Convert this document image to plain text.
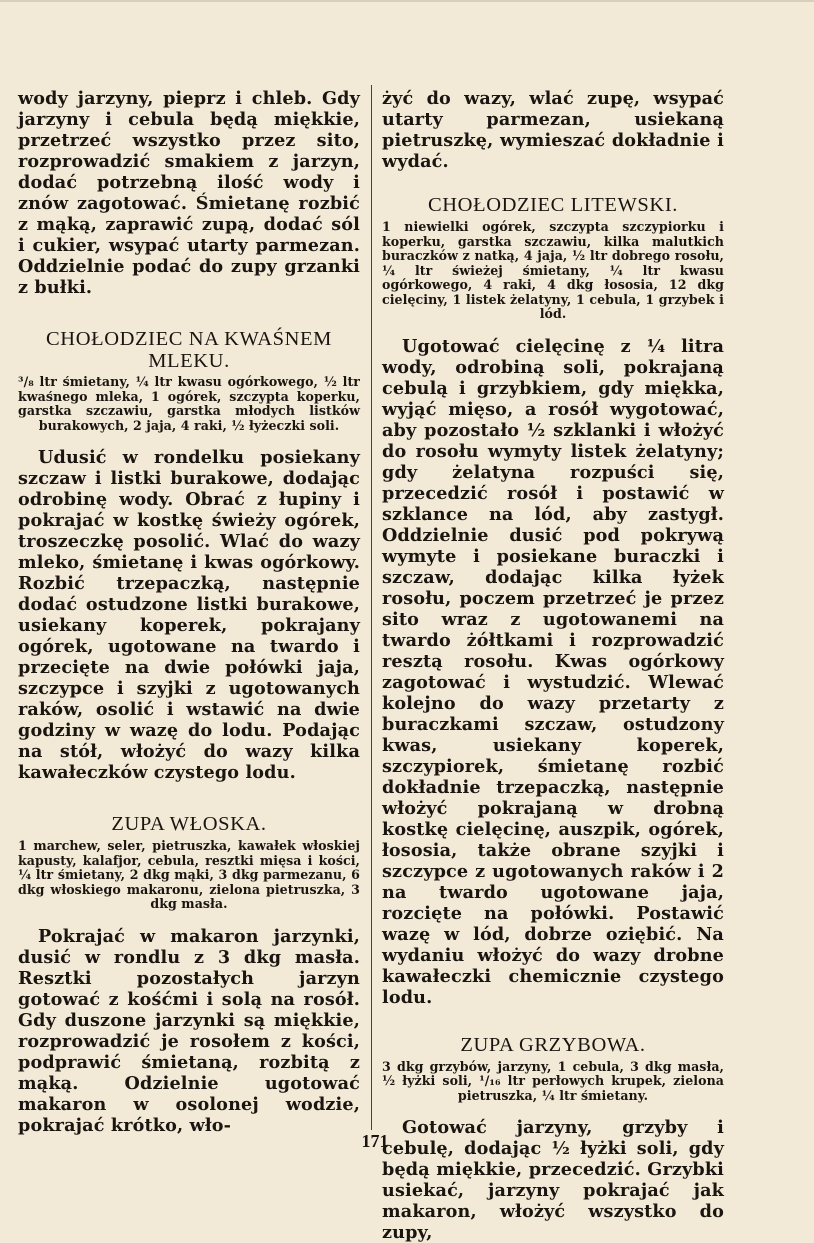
wody jarzyny, pieprz i chleb. Gdy jarzyny i cebula będą miękkie, przetrzeć wszystko przez sito, rozprowadzić smakiem z jarzyn, dodać potrzebną ilość wody i znów zagotować. Śmietanę rozbić z mąką, zaprawić zupą, dodać sól i cukier, wsypać utarty parmezan. Oddzielnie podać do zupy grzanki z bułki.

CHOŁODZIEC NA KWAŚNEM MLEKU.

³/₈ ltr śmietany, ¼ ltr kwasu ogórkowego, ½ ltr kwaśnego mleka, 1 ogórek, szczypta koperku, garstka szczawiu, garstka młodych listków burakowych, 2 jaja, 4 raki, ½ łyżeczki soli.

Udusić w rondelku posiekany szczaw i listki burakowe, dodając odrobinę wody. Obrać z łupiny i pokrajać w kostkę świeży ogórek, troszeczkę posolić. Wlać do wazy mleko, śmietanę i kwas ogórkowy. Rozbić trzepaczką, następnie dodać ostudzone listki burakowe, usiekany koperek, pokrajany ogórek, ugotowane na twardo i przecięte na dwie połówki jaja, szczypce i szyjki z ugotowanych raków, osolić i wstawić na dwie godziny w wazę do lodu. Podając na stół, włożyć do wazy kilka kawałeczków czystego lodu.

ZUPA WŁOSKA.

1 marchew, seler, pietruszka, kawałek włoskiej kapusty, kalafjor, cebula, resztki mięsa i kości, ¼ ltr śmietany, 2 dkg mąki, 3 dkg parmezanu, 6 dkg włoskiego makaronu, zielona pietruszka, 3 dkg masła.

Pokrajać w makaron jarzynki, dusić w rondlu z 3 dkg masła. Resztki pozostałych jarzyn gotować z kośćmi i solą na rosół. Gdy duszone jarzynki są miękkie, rozprowadzić je rosołem z kości, podprawić śmietaną, rozbitą z mąką. Odzielnie ugotować makaron w osolonej wodzie, pokrajać krótko, wło-

żyć do wazy, wlać zupę, wsypać utarty parmezan, usiekaną pietruszkę, wymieszać dokładnie i wydać.

CHOŁODZIEC LITEWSKI.

1 niewielki ogórek, szczypta szczypiorku i koperku, garstka szczawiu, kilka malutkich buraczków z natką, 4 jaja, ½ ltr dobrego rosołu, ¼ ltr świeżej śmietany, ¼ ltr kwasu ogórkowego, 4 raki, 4 dkg łososia, 12 dkg cielęciny, 1 listek żelatyny, 1 cebula, 1 grzybek i lód.

Ugotować cielęcinę z ¼ litra wody, odrobiną soli, pokrajaną cebulą i grzybkiem, gdy miękka, wyjąć mięso, a rosół wygotować, aby pozostało ½ szklanki i włożyć do rosołu wymyty listek żelatyny; gdy żelatyna rozpuści się, przecedzić rosół i postawić w szklance na lód, aby zastygł. Oddzielnie dusić pod pokrywą wymyte i posiekane buraczki i szczaw, dodając kilka łyżek rosołu, poczem przetrzeć je przez sito wraz z ugotowanemi na twardo żółtkami i rozprowadzić resztą rosołu. Kwas ogórkowy zagotować i wystudzić. Wlewać kolejno do wazy przetarty z buraczkami szczaw, ostudzony kwas, usiekany koperek, szczypiorek, śmietanę rozbić dokładnie trzepaczką, następnie włożyć pokrajaną w drobną kostkę cielęcinę, auszpik, ogórek, łososia, także obrane szyjki i szczypce z ugotowanych raków i 2 na twardo ugotowane jaja, rozcięte na połówki. Postawić wazę w lód, dobrze oziębić. Na wydaniu włożyć do wazy drobne kawałeczki chemicznie czystego lodu.

ZUPA GRZYBOWA.

3 dkg grzybów, jarzyny, 1 cebula, 3 dkg masła, ½ łyżki soli, ¹/₁₆ ltr perłowych krupek, zielona pietruszka, ¼ ltr śmietany.

Gotować jarzyny, grzyby i cebulę, dodając ½ łyżki soli, gdy będą miękkie, przecedzić. Grzybki usiekać, jarzyny pokrajać jak makaron, włożyć wszystko do zupy,

171
